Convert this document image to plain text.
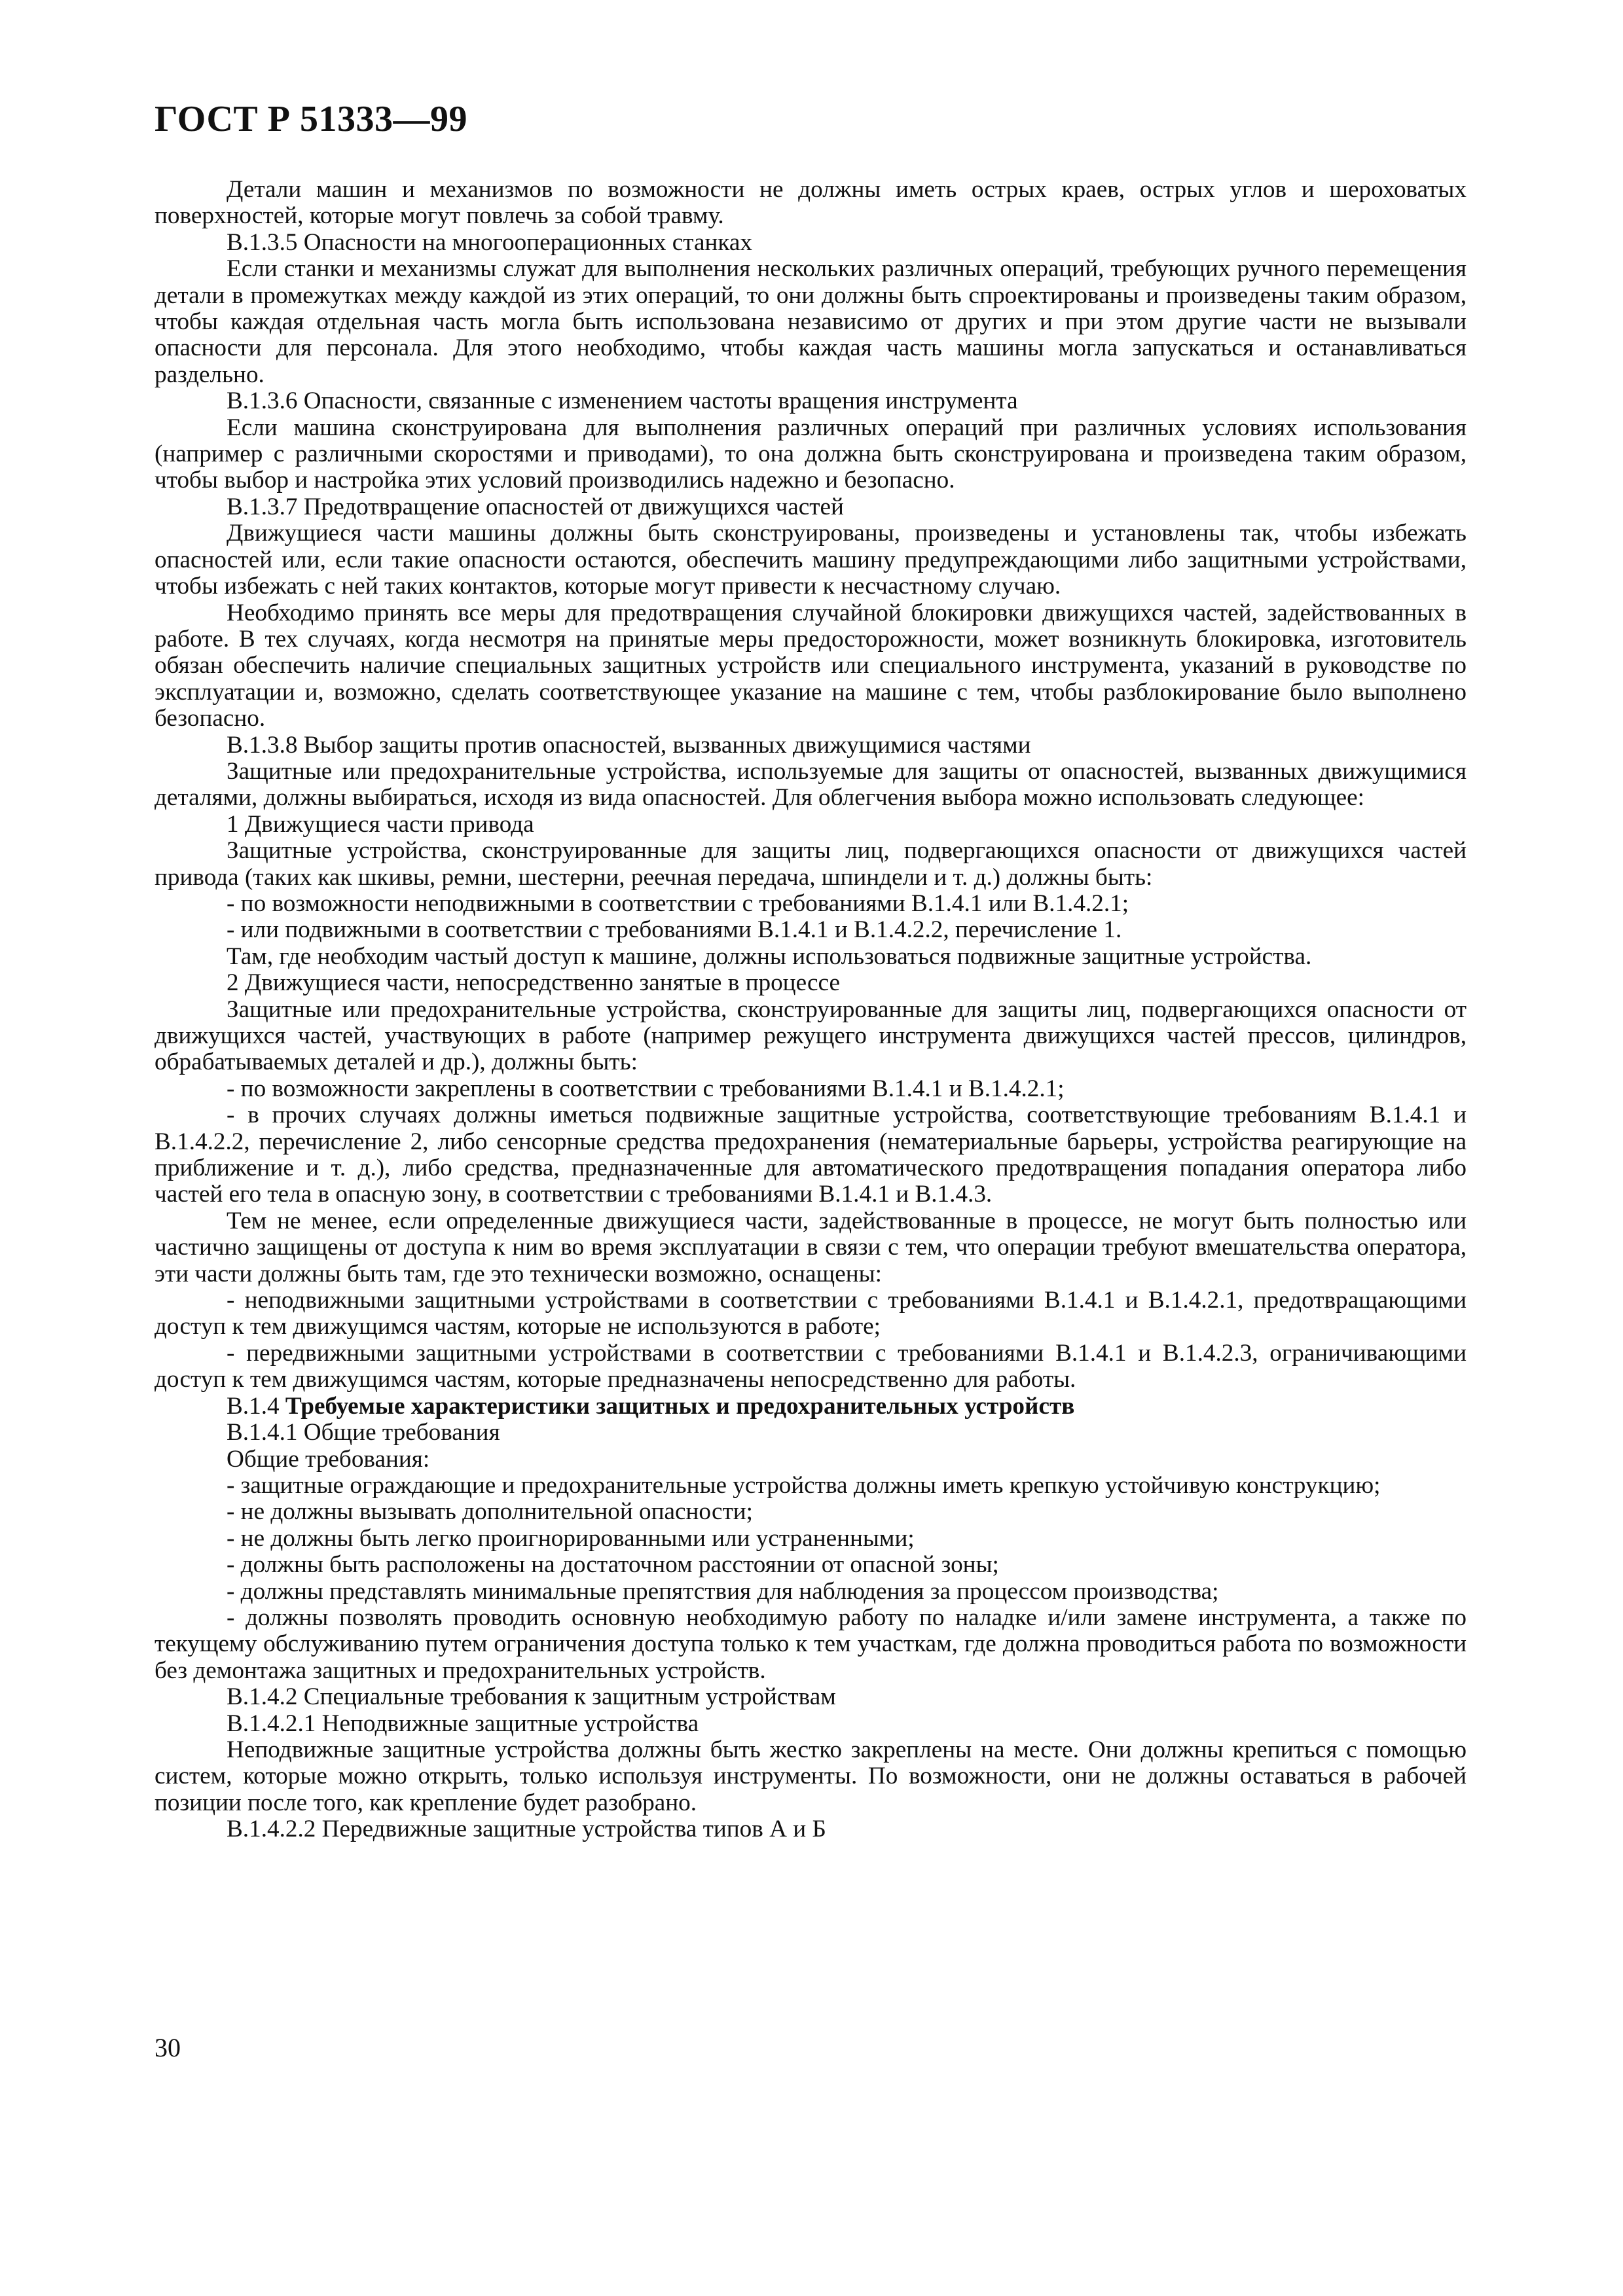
ГОСТ Р 51333—99

Детали машин и механизмов по возможности не должны иметь острых краев, острых углов и шероховатых поверхностей, которые могут повлечь за собой травму.

В.1.3.5 Опасности на многооперационных станках

Если станки и механизмы служат для выполнения нескольких различных операций, требующих ручного перемещения детали в промежутках между каждой из этих операций, то они должны быть спроектированы и произведены таким образом, чтобы каждая отдельная часть могла быть использована независимо от других и при этом другие части не вызывали опасности для персонала. Для этого необходимо, чтобы каждая часть машины могла запускаться и останавливаться раздельно.

В.1.3.6 Опасности, связанные с изменением частоты вращения инструмента

Если машина сконструирована для выполнения различных операций при различных условиях использования (например с различными скоростями и приводами), то она должна быть сконструирована и произведена таким образом, чтобы выбор и настройка этих условий производились надежно и безопасно.

В.1.3.7 Предотвращение опасностей от движущихся частей

Движущиеся части машины должны быть сконструированы, произведены и установлены так, чтобы избежать опасностей или, если такие опасности остаются, обеспечить машину предупреждающими либо защитными устройствами, чтобы избежать с ней таких контактов, которые могут привести к несчастному случаю.

Необходимо принять все меры для предотвращения случайной блокировки движущихся частей, задействованных в работе. В тех случаях, когда несмотря на принятые меры предосторожности, может возникнуть блокировка, изготовитель обязан обеспечить наличие специальных защитных устройств или специального инструмента, указаний в руководстве по эксплуатации и, возможно, сделать соответствующее указание на машине с тем, чтобы разблокирование было выполнено безопасно.

В.1.3.8 Выбор защиты против опасностей, вызванных движущимися частями

Защитные или предохранительные устройства, используемые для защиты от опасностей, вызванных движущимися деталями, должны выбираться, исходя из вида опасностей. Для облегчения выбора можно использовать следующее:

1 Движущиеся части привода

Защитные устройства, сконструированные для защиты лиц, подвергающихся опасности от движущихся частей привода (таких как шкивы, ремни, шестерни, реечная передача, шпиндели и т. д.) должны быть:

- по возможности неподвижными в соответствии с требованиями В.1.4.1 или В.1.4.2.1;

- или подвижными в соответствии с требованиями В.1.4.1 и В.1.4.2.2, перечисление 1.

Там, где необходим частый доступ к машине, должны использоваться подвижные защитные устройства.

2 Движущиеся части, непосредственно занятые в процессе

Защитные или предохранительные устройства, сконструированные для защиты лиц, подвергающихся опасности от движущихся частей, участвующих в работе (например режущего инструмента движущихся частей прессов, цилиндров, обрабатываемых деталей и др.), должны быть:

- по возможности закреплены в соответствии с требованиями В.1.4.1 и В.1.4.2.1;

- в прочих случаях должны иметься подвижные защитные устройства, соответствующие требованиям В.1.4.1 и В.1.4.2.2, перечисление 2, либо сенсорные средства предохранения (нематериальные барьеры, устройства реагирующие на приближение и т. д.), либо средства, предназначенные для автоматического предотвращения попадания оператора либо частей его тела в опасную зону, в соответствии с требованиями В.1.4.1 и В.1.4.3.

Тем не менее, если определенные движущиеся части, задействованные в процессе, не могут быть полностью или частично защищены от доступа к ним во время эксплуатации в связи с тем, что операции требуют вмешательства оператора, эти части должны быть там, где это технически возможно, оснащены:

- неподвижными защитными устройствами в соответствии с требованиями В.1.4.1 и В.1.4.2.1, предотвращающими доступ к тем движущимся частям, которые не используются в работе;

- передвижными защитными устройствами в соответствии с требованиями В.1.4.1 и В.1.4.2.3, ограничивающими доступ к тем движущимся частям, которые предназначены непосредственно для работы.

В.1.4 Требуемые характеристики защитных и предохранительных устройств

В.1.4.1 Общие требования

Общие требования:

- защитные ограждающие и предохранительные устройства должны иметь крепкую устойчивую конструкцию;

- не должны вызывать дополнительной опасности;

- не должны быть легко проигнорированными или устраненными;

- должны быть расположены на достаточном расстоянии от опасной зоны;

- должны представлять минимальные препятствия для наблюдения за процессом производства;

- должны позволять проводить основную необходимую работу по наладке и/или замене инструмента, а также по текущему обслуживанию путем ограничения доступа только к тем участкам, где должна проводиться работа по возможности без демонтажа защитных и предохранительных устройств.

В.1.4.2 Специальные требования к защитным устройствам

В.1.4.2.1 Неподвижные защитные устройства

Неподвижные защитные устройства должны быть жестко закреплены на месте. Они должны крепиться с помощью систем, которые можно открыть, только используя инструменты. По возможности, они не должны оставаться в рабочей позиции после того, как крепление будет разобрано.

В.1.4.2.2 Передвижные защитные устройства типов А и Б

30
